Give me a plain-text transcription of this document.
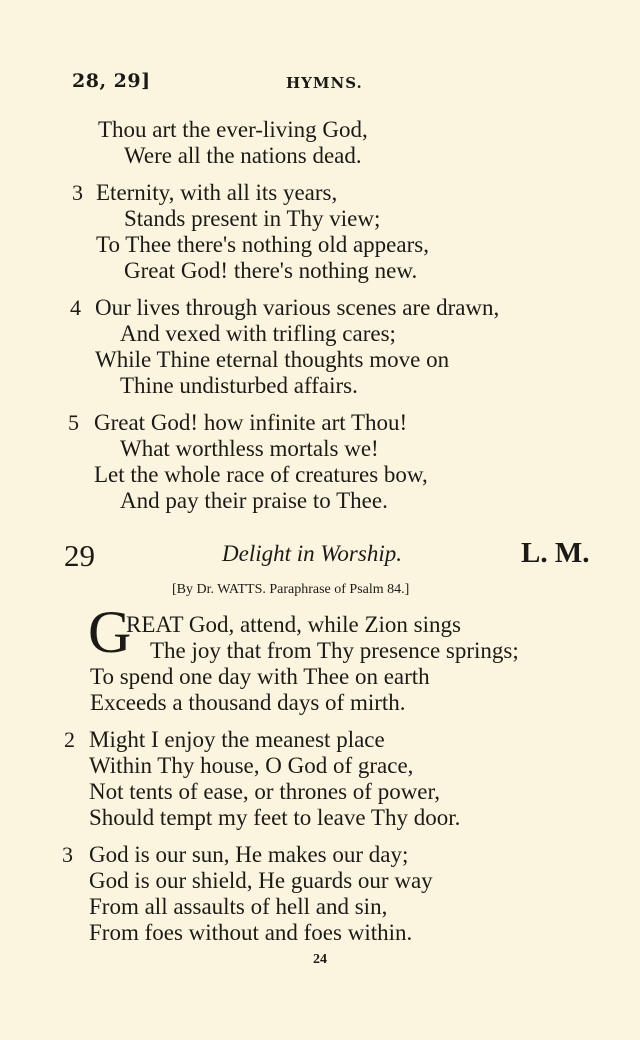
28, 29]	HYMNS.
Thou art the ever-living God,
Were all the nations dead.
3 Eternity, with all its years,
Stands present in Thy view;
To Thee there's nothing old appears,
Great God! there's nothing new.
4 Our lives through various scenes are drawn,
And vexed with trifling cares;
While Thine eternal thoughts move on
Thine undisturbed affairs.
5 Great God! how infinite art Thou!
What worthless mortals we!
Let the whole race of creatures bow,
And pay their praise to Thee.
29	Delight in Worship.	L. M.
[By Dr. WATTS. Paraphrase of Psalm 84.]
G
REAT God, attend, while Zion sings
The joy that from Thy presence springs;
To spend one day with Thee on earth
Exceeds a thousand days of mirth.
2 Might I enjoy the meanest place
Within Thy house, O God of grace,
Not tents of ease, or thrones of power,
Should tempt my feet to leave Thy door.
3 God is our sun, He makes our day;
God is our shield, He guards our way
From all assaults of hell and sin,
From foes without and foes within.
24
